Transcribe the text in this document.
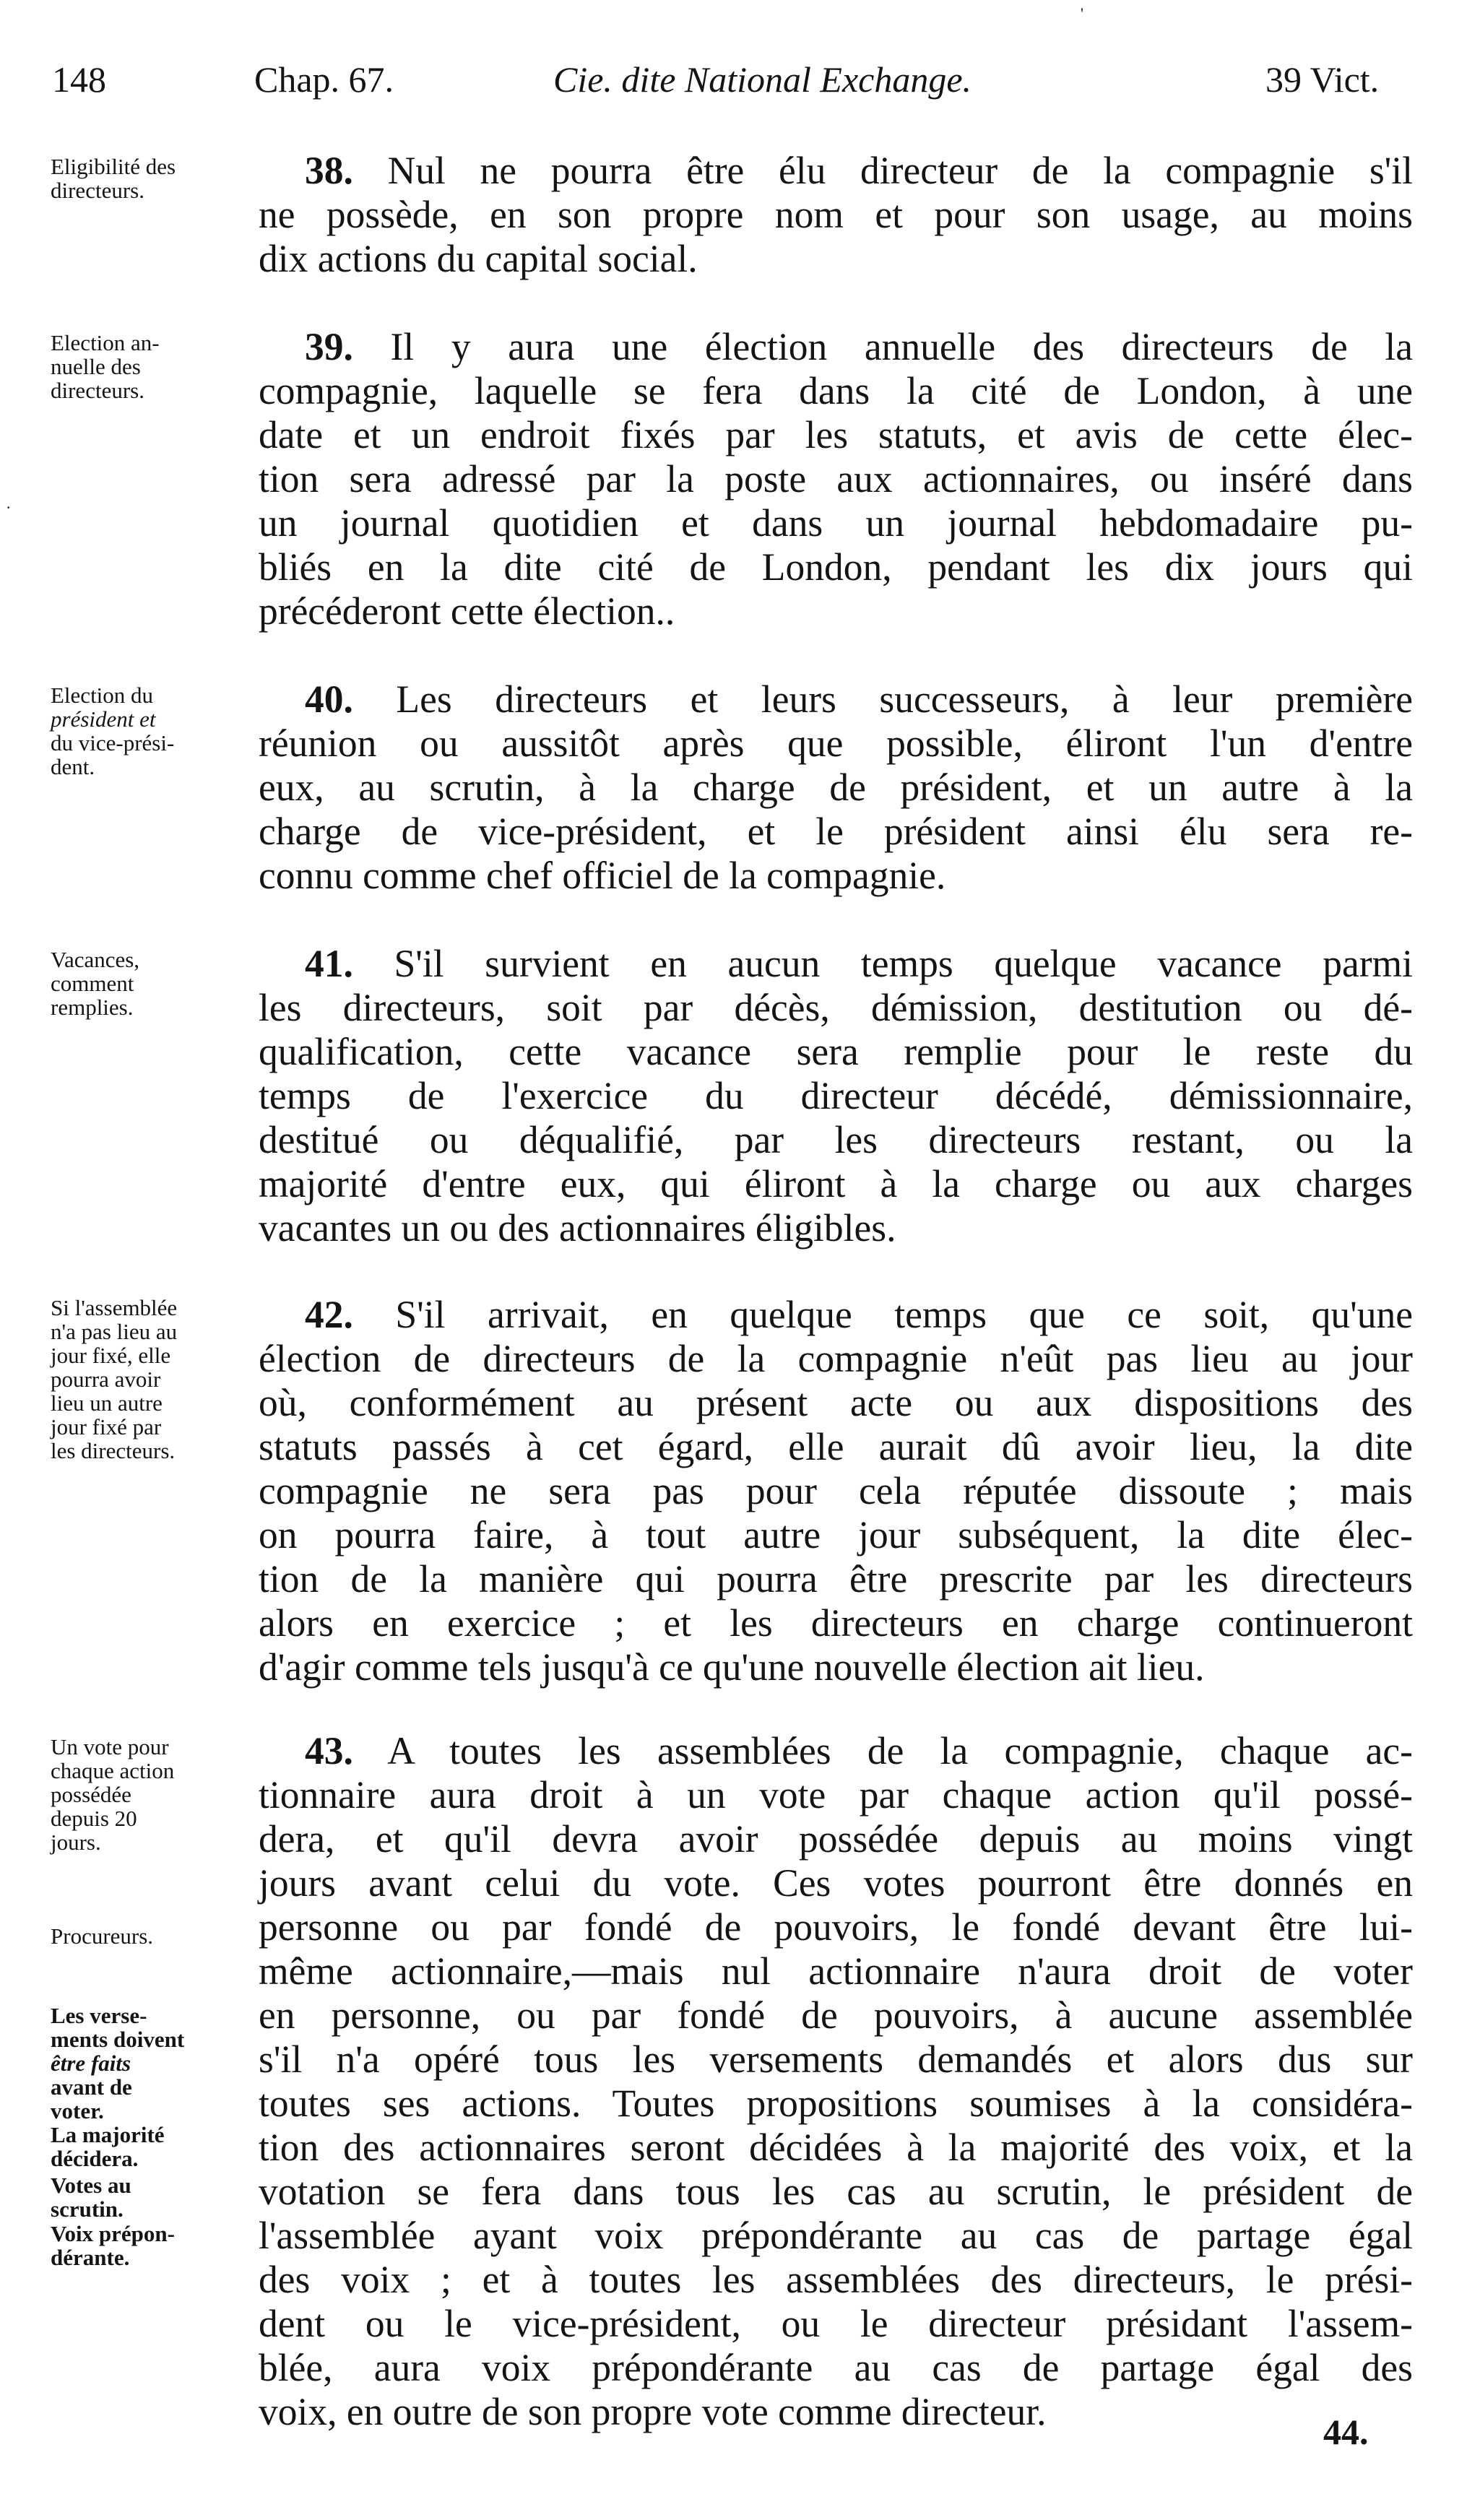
'
·
148	Chap. 67.	Cie. dite National Exchange.	39 Vict.
Eligibilité des
directeurs.	38. Nul ne pourra être élu directeur de la compagnie s'il
ne possède, en son propre nom et pour son usage, au moins
dix actions du capital social.
Election an-
nuelle des
directeurs.
39. Il y aura une élection annuelle des directeurs de la
compagnie, laquelle se fera dans la cité de London, à une
date et un endroit fixés par les statuts, et avis de cette élec-
tion sera adressé par la poste aux actionnaires, ou inséré dans
un journal quotidien et dans un journal hebdomadaire pu-
bliés en la dite cité de London, pendant les dix jours qui
précéderont cette élection..
Election du
président et
du vice-prési-
dent.
40. Les directeurs et leurs successeurs, à leur première
réunion ou aussitôt après que possible, éliront l'un d'entre
eux, au scrutin, à la charge de président, et un autre à la
charge de vice-président, et le président ainsi élu sera re-
connu comme chef officiel de la compagnie.
Vacances,
comment
remplies.
41. S'il survient en aucun temps quelque vacance parmi
les directeurs, soit par décès, démission, destitution ou dé-
qualification, cette vacance sera remplie pour le reste du
temps de l'exercice du directeur décédé, démissionnaire,
destitué ou déqualifié, par les directeurs restant, ou la
majorité d'entre eux, qui éliront à la charge ou aux charges
vacantes un ou des actionnaires éligibles.
Si l'assemblée
n'a pas lieu au
jour fixé, elle
pourra avoir
lieu un autre
jour fixé par
les directeurs.
42. S'il arrivait, en quelque temps que ce soit, qu'une
élection de directeurs de la compagnie n'eût pas lieu au jour
où, conformément au présent acte ou aux dispositions des
statuts passés à cet égard, elle aurait dû avoir lieu, la dite
compagnie ne sera pas pour cela réputée dissoute ; mais
on pourra faire, à tout autre jour subséquent, la dite élec-
tion de la manière qui pourra être prescrite par les directeurs
alors en exercice ; et les directeurs en charge continueront
d'agir comme tels jusqu'à ce qu'une nouvelle élection ait lieu.
Un vote pour
chaque action
possédée
depuis 20
jours.
Procureurs.
Les verse-
ments doivent
être faits
avant de
voter.
La majorité
décidera.
Votes au
scrutin.
Voix prépon-
dérante.
43. A toutes les assemblées de la compagnie, chaque ac-
tionnaire aura droit à un vote par chaque action qu'il possé-
dera, et qu'il devra avoir possédée depuis au moins vingt
jours avant celui du vote. Ces votes pourront être donnés en
personne ou par fondé de pouvoirs, le fondé devant être lui-
même actionnaire,—mais nul actionnaire n'aura droit de voter
en personne, ou par fondé de pouvoirs, à aucune assemblée
s'il n'a opéré tous les versements demandés et alors dus sur
toutes ses actions. Toutes propositions soumises à la considéra-
tion des actionnaires seront décidées à la majorité des voix, et la
votation se fera dans tous les cas au scrutin, le président de
l'assemblée ayant voix prépondérante au cas de partage égal
des voix ; et à toutes les assemblées des directeurs, le prési-
dent ou le vice-président, ou le directeur présidant l'assem-
blée, aura voix prépondérante au cas de partage égal des
voix, en outre de son propre vote comme directeur.	44.
